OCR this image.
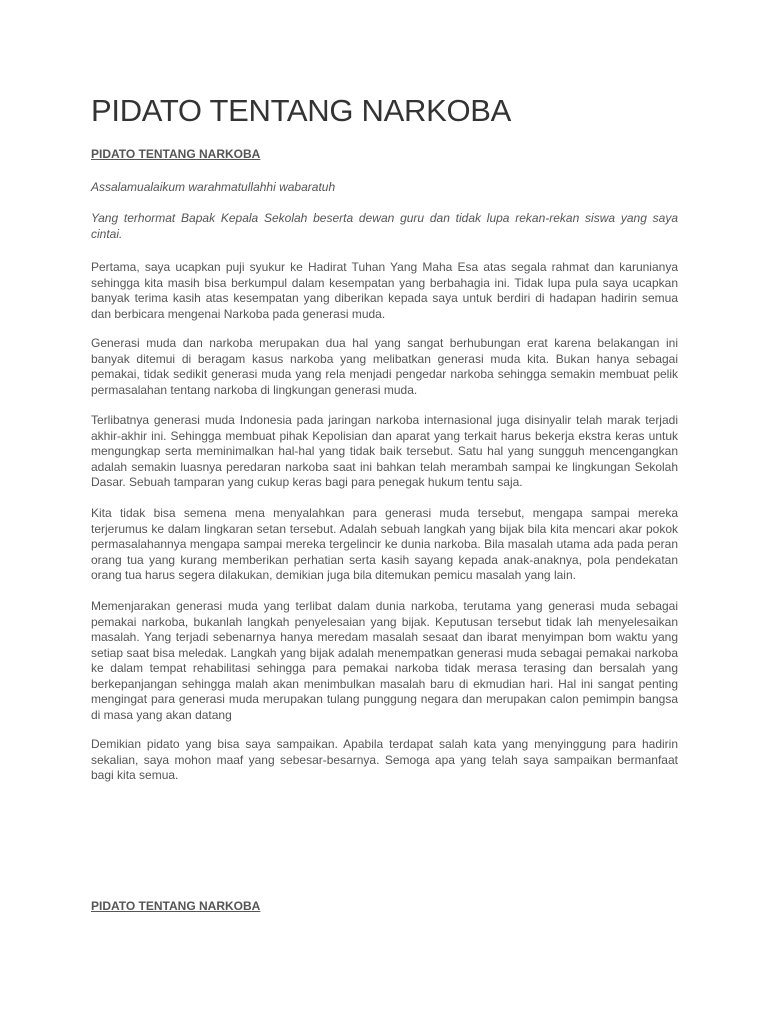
PIDATO TENTANG NARKOBA

PIDATO TENTANG NARKOBA

Assalamualaikum warahmatullahhi wabaratuh

Yang terhormat Bapak Kepala Sekolah beserta dewan guru dan tidak lupa rekan-rekan siswa yang saya cintai.

Pertama, saya ucapkan puji syukur ke Hadirat Tuhan Yang Maha Esa atas segala rahmat dan karunianya sehingga kita masih bisa berkumpul dalam kesempatan yang berbahagia ini. Tidak lupa pula saya ucapkan banyak terima kasih atas kesempatan yang diberikan kepada saya untuk berdiri di hadapan hadirin semua dan berbicara mengenai Narkoba pada generasi muda.

Generasi muda dan narkoba merupakan dua hal yang sangat berhubungan erat karena belakangan ini banyak ditemui di beragam kasus narkoba yang melibatkan generasi muda kita. Bukan hanya sebagai pemakai, tidak sedikit generasi muda yang rela menjadi pengedar narkoba sehingga semakin membuat pelik permasalahan tentang narkoba di lingkungan generasi muda.

Terlibatnya generasi muda Indonesia pada jaringan narkoba internasional juga disinyalir telah marak terjadi akhir-akhir ini. Sehingga membuat pihak Kepolisian dan aparat yang terkait harus bekerja ekstra keras untuk mengungkap serta meminimalkan hal-hal yang tidak baik tersebut. Satu hal yang sungguh mencengangkan adalah semakin luasnya peredaran narkoba saat ini bahkan telah merambah sampai ke lingkungan Sekolah Dasar. Sebuah tamparan yang cukup keras bagi para penegak hukum tentu saja.

Kita tidak bisa semena mena menyalahkan para generasi muda tersebut, mengapa sampai mereka terjerumus ke dalam lingkaran setan tersebut. Adalah sebuah langkah yang bijak bila kita mencari akar pokok permasalahannya mengapa sampai mereka tergelincir ke dunia narkoba. Bila masalah utama ada pada peran orang tua yang kurang memberikan perhatian serta kasih sayang kepada anak-anaknya, pola pendekatan orang tua harus segera dilakukan, demikian juga bila ditemukan pemicu masalah yang lain.

Memenjarakan generasi muda yang terlibat dalam dunia narkoba, terutama yang generasi muda sebagai pemakai narkoba, bukanlah langkah penyelesaian yang bijak. Keputusan tersebut tidak lah menyelesaikan masalah. Yang terjadi sebenarnya hanya meredam masalah sesaat dan ibarat menyimpan bom waktu yang setiap saat bisa meledak. Langkah yang bijak adalah menempatkan generasi muda sebagai pemakai narkoba ke dalam tempat rehabilitasi sehingga para pemakai narkoba tidak merasa terasing dan bersalah yang berkepanjangan sehingga malah akan menimbulkan masalah baru di ekmudian hari. Hal ini sangat penting mengingat para generasi muda merupakan tulang punggung negara dan merupakan calon pemimpin bangsa di masa yang akan datang

Demikian pidato yang bisa saya sampaikan. Apabila terdapat salah kata yang menyinggung para hadirin sekalian, saya mohon maaf yang sebesar-besarnya. Semoga apa yang telah saya sampaikan bermanfaat bagi kita semua.

PIDATO TENTANG NARKOBA
